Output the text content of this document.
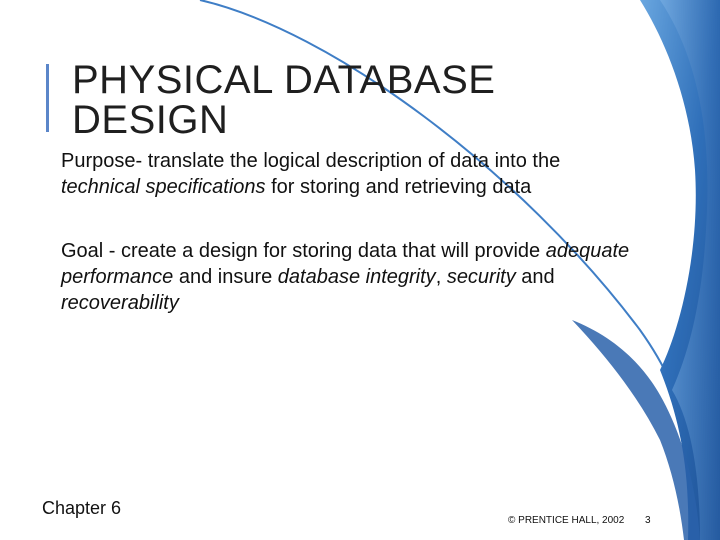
PHYSICAL DATABASE
DESIGN
Purpose- translate the logical description of data into the technical specifications for storing and retrieving data
Goal - create a design for storing data that will provide adequate performance and insure database integrity, security and recoverability
Chapter 6
© PRENTICE HALL, 2002 3
